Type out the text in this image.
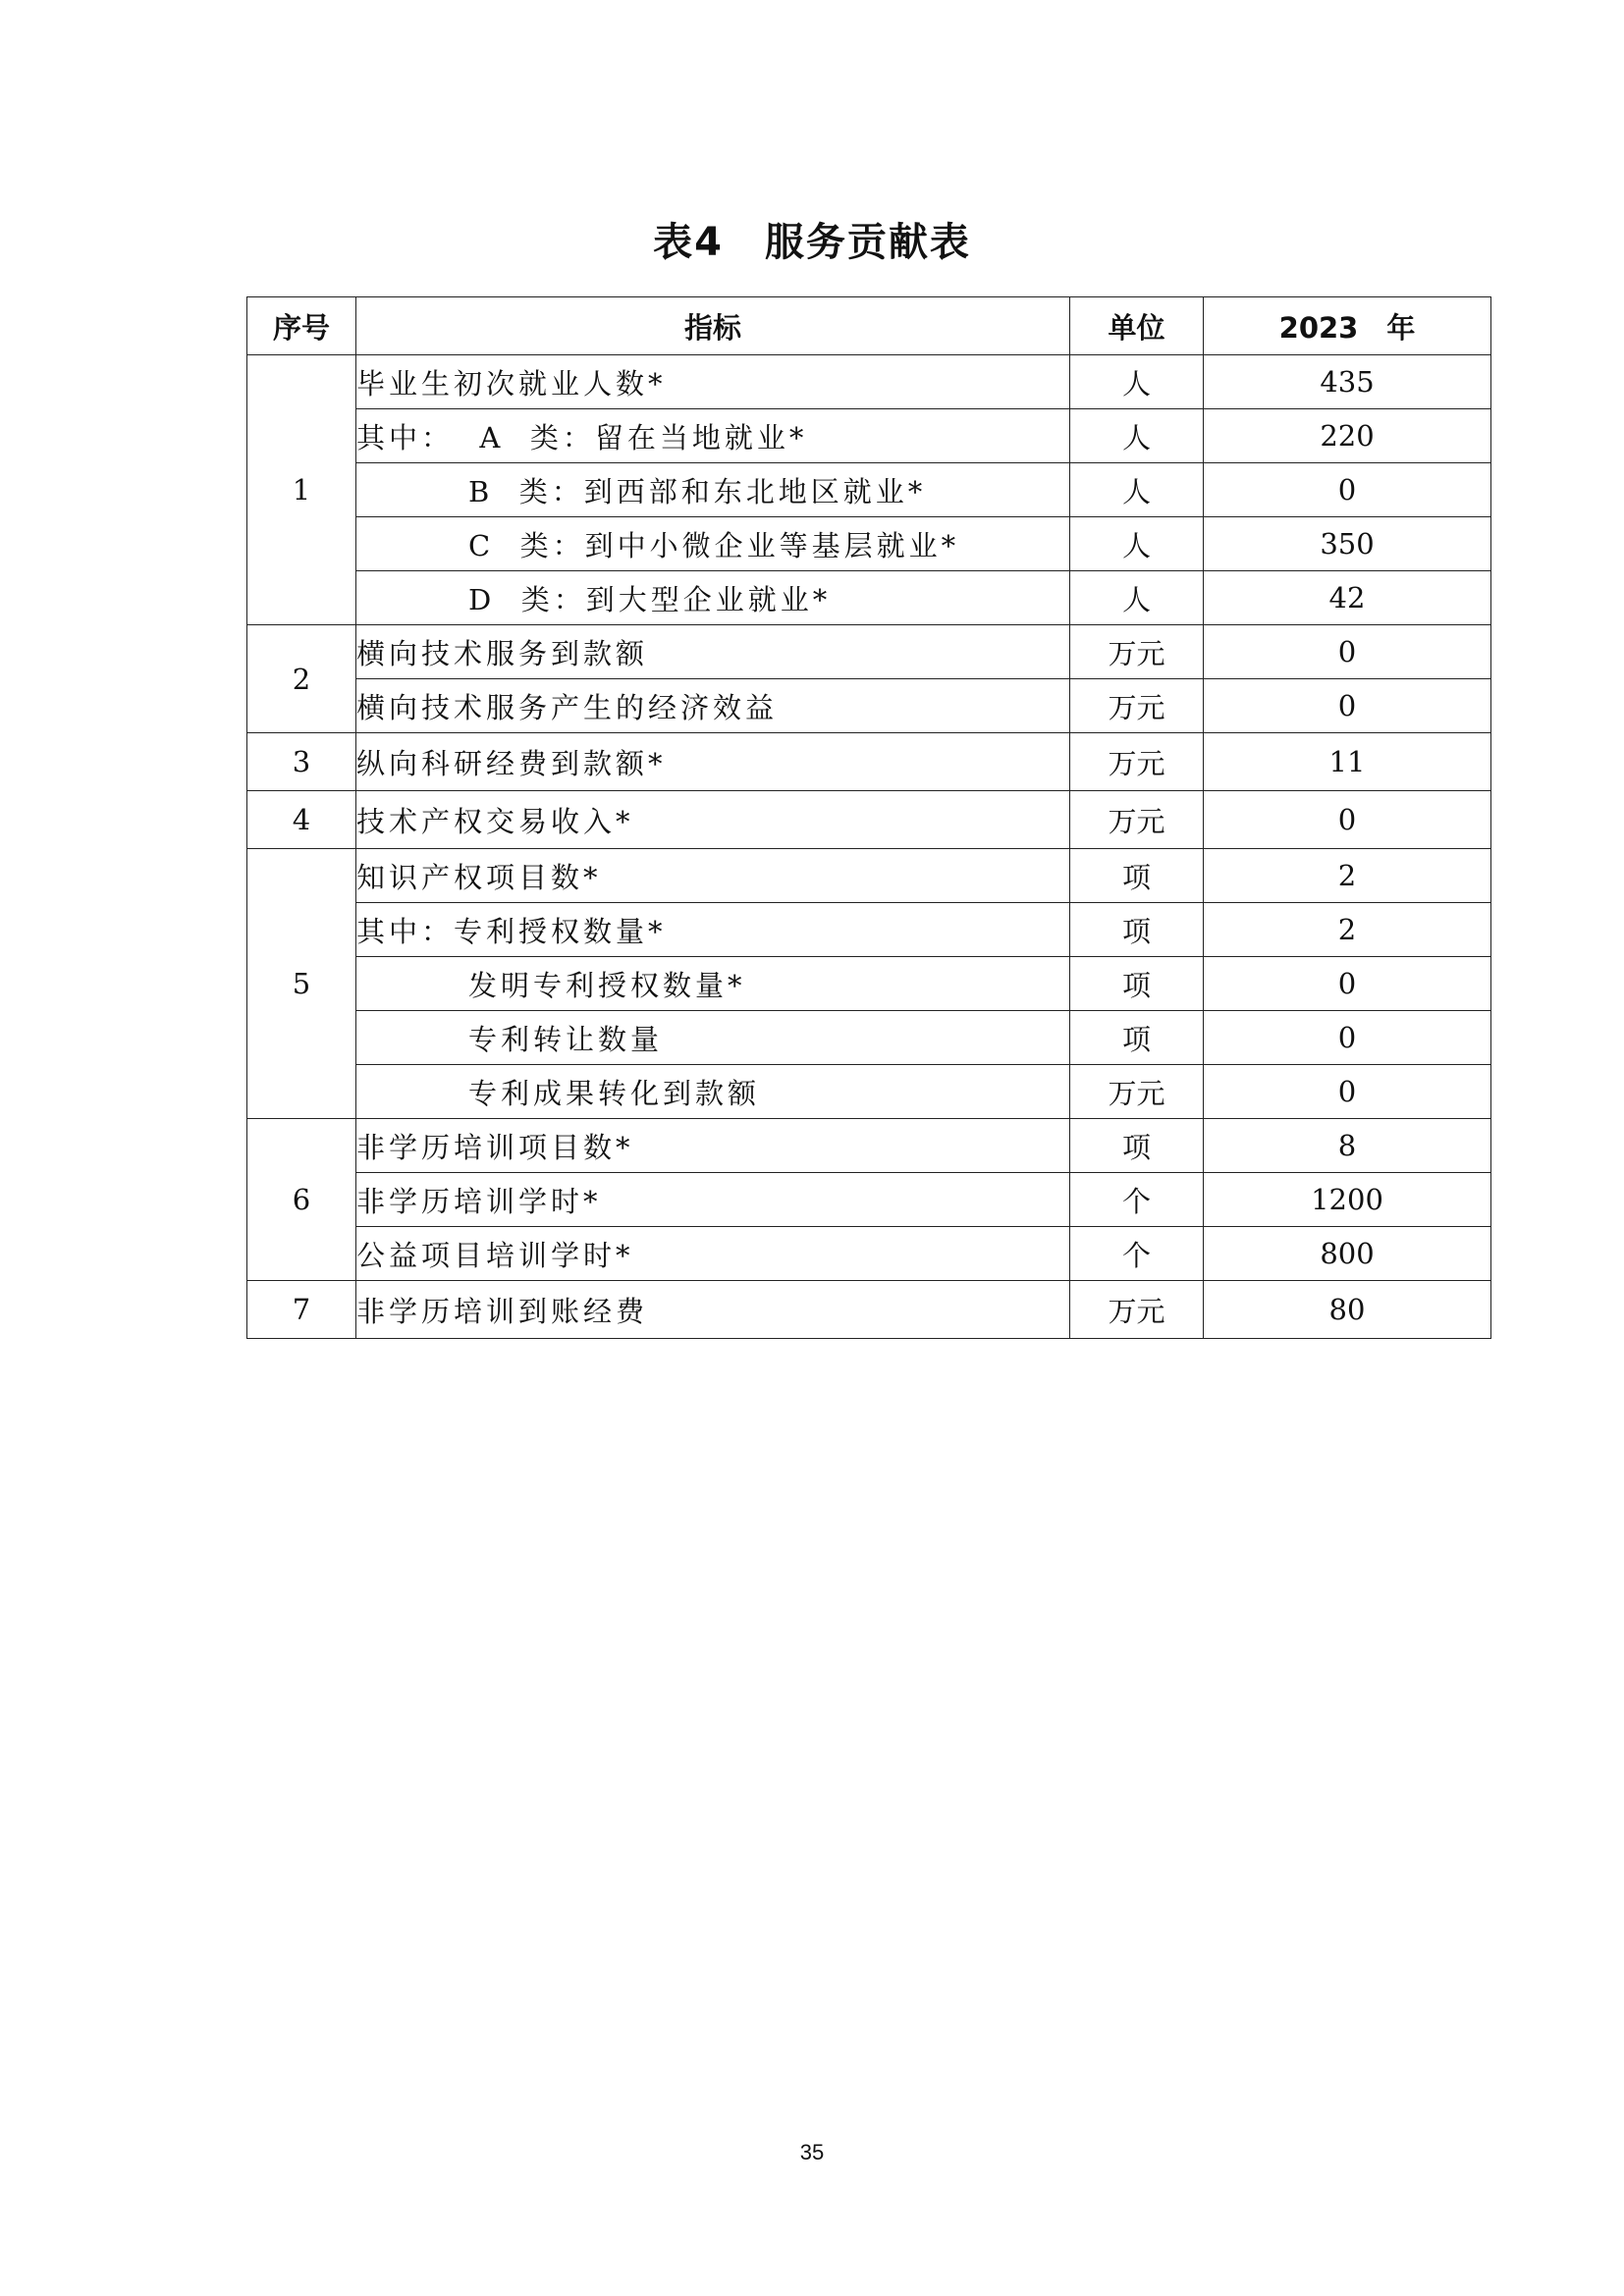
表4　服务贡献表
序号	指标	单位	2023　年
1	毕业生初次就业人数*	人	435
	其中：  A  类：留在当地就业*	人	220
	B  类：到西部和东北地区就业*	人	0
	C  类：到中小微企业等基层就业*	人	350
	D  类：到大型企业就业*	人	42
2	横向技术服务到款额	万元	0
	横向技术服务产生的经济效益	万元	0
3	纵向科研经费到款额*	万元	11
4	技术产权交易收入*	万元	0
5	知识产权项目数*	项	2
	其中：专利授权数量*	项	2
	发明专利授权数量*	项	0
	专利转让数量	项	0
	专利成果转化到款额	万元	0
6	非学历培训项目数*	项	8
	非学历培训学时*	个	1200
	公益项目培训学时*	个	800
7	非学历培训到账经费	万元	80
35
